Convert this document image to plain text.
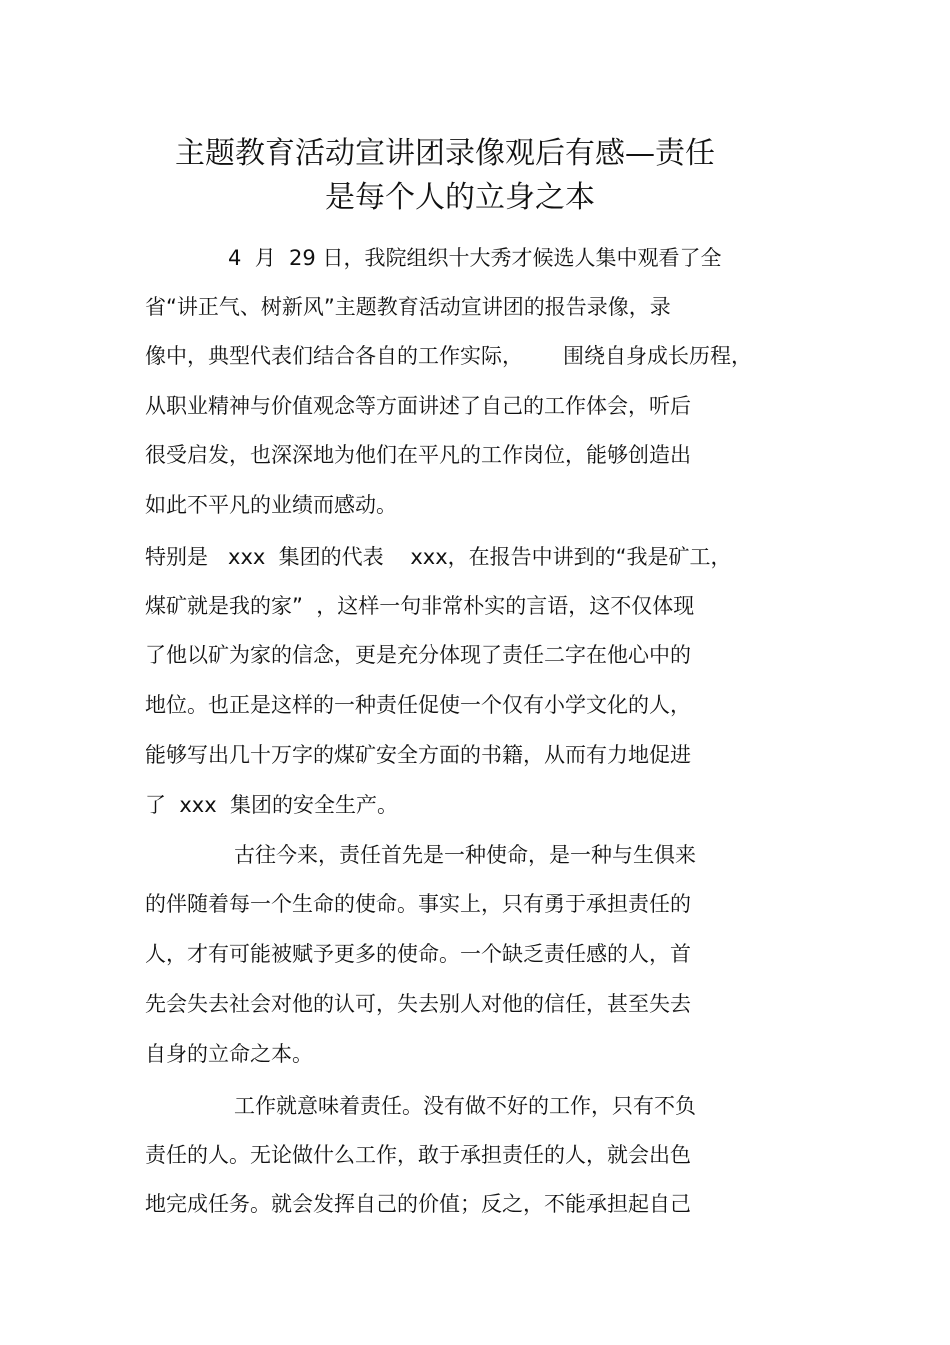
主题教育活动宣讲团录像观后有感—责任
是每个人的立身之本
4  月  29 日，我院组织十大秀才候选人集中观看了全
省“讲正气、树新风”主题教育活动宣讲团的报告录像，录
像中，典型代表们结合各自的工作实际，      围绕自身成长历程，
从职业精神与价值观念等方面讲述了自己的工作体会，听后
很受启发，也深深地为他们在平凡的工作岗位，能够创造出
如此不平凡的业绩而感动。
特别是   xxx  集团的代表    xxx，在报告中讲到的“我是矿工，
煤矿就是我的家”  ，这样一句非常朴实的言语，这不仅体现
了他以矿为家的信念，更是充分体现了责任二字在他心中的
地位。也正是这样的一种责任促使一个仅有小学文化的人，
能够写出几十万字的煤矿安全方面的书籍，从而有力地促进
了  xxx  集团的安全生产。
古往今来，责任首先是一种使命，是一种与生俱来
的伴随着每一个生命的使命。事实上，只有勇于承担责任的
人，才有可能被赋予更多的使命。一个缺乏责任感的人，首
先会失去社会对他的认可，失去别人对他的信任，甚至失去
自身的立命之本。
工作就意味着责任。没有做不好的工作，只有不负
责任的人。无论做什么工作，敢于承担责任的人，就会出色
地完成任务。就会发挥自己的价值；反之，不能承担起自己
